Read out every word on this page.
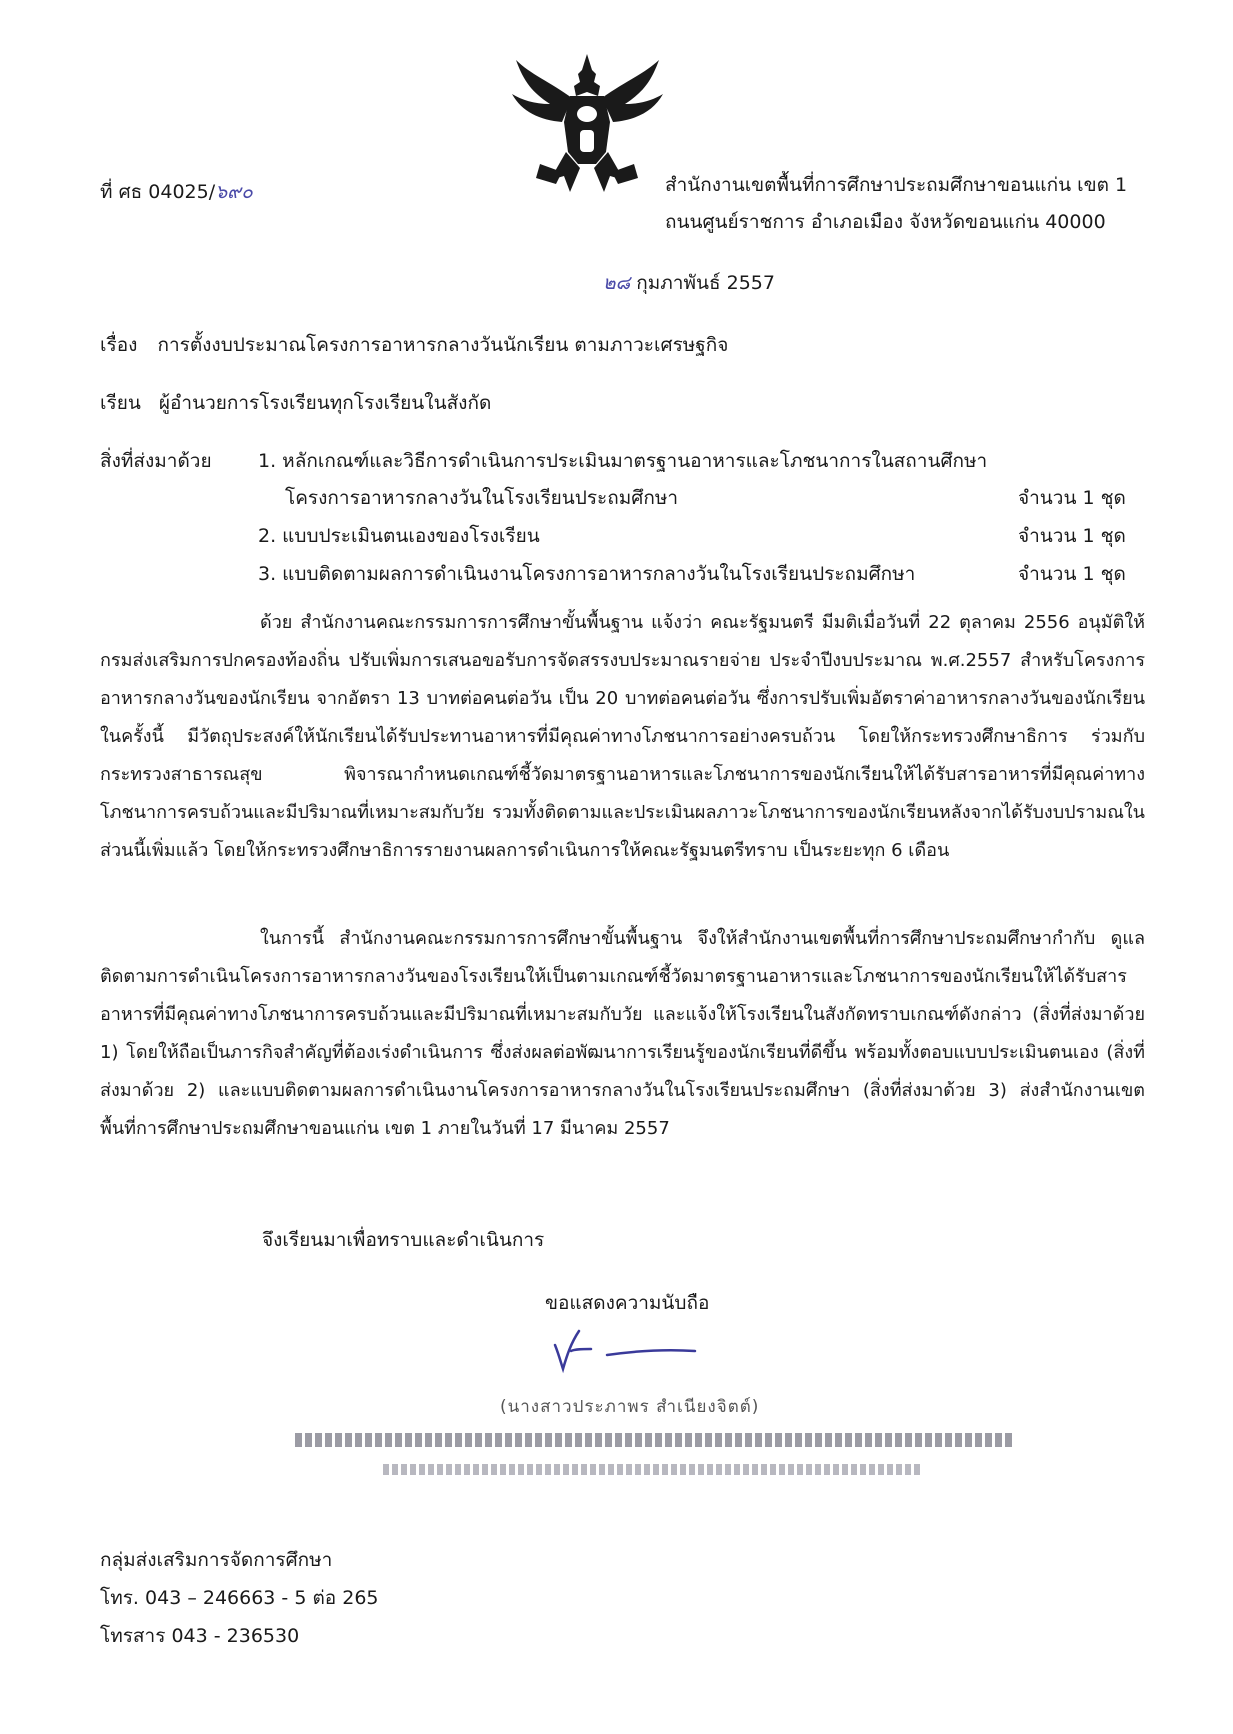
ที่ ศธ 04025/๖๙๐	สำนักงานเขตพื้นที่การศึกษาประถมศึกษาขอนแก่น เขต 1
ถนนศูนย์ราชการ อำเภอเมือง จังหวัดขอนแก่น 40000
๒๘ กุมภาพันธ์ 2557
เรื่อง การตั้งงบประมาณโครงการอาหารกลางวันนักเรียน ตามภาวะเศรษฐกิจ
เรียน ผู้อำนวยการโรงเรียนทุกโรงเรียนในสังกัด
สิ่งที่ส่งมาด้วย 1. หลักเกณฑ์และวิธีการดำเนินการประเมินมาตรฐานอาหารและโภชนาการในสถานศึกษา
โครงการอาหารกลางวันในโรงเรียนประถมศึกษา	จำนวน 1 ชุด
2. แบบประเมินตนเองของโรงเรียน	จำนวน 1 ชุด
3. แบบติดตามผลการดำเนินงานโครงการอาหารกลางวันในโรงเรียนประถมศึกษา	จำนวน 1 ชุด

ด้วย สำนักงานคณะกรรมการการศึกษาขั้นพื้นฐาน แจ้งว่า คณะรัฐมนตรี มีมติเมื่อวันที่ 22 ตุลาคม 2556 อนุมัติให้กรมส่งเสริมการปกครองท้องถิ่น ปรับเพิ่มการเสนอขอรับการจัดสรรงบประมาณรายจ่าย ประจำปีงบประมาณ พ.ศ.2557 สำหรับโครงการอาหารกลางวันของนักเรียน จากอัตรา 13 บาทต่อคนต่อวัน เป็น 20 บาทต่อคนต่อวัน ซึ่งการปรับเพิ่มอัตราค่าอาหารกลางวันของนักเรียนในครั้งนี้ มีวัตถุประสงค์ให้นักเรียนได้รับประทานอาหารที่มีคุณค่าทางโภชนาการอย่างครบถ้วน โดยให้กระทรวงศึกษาธิการ ร่วมกับ กระทรวงสาธารณสุข พิจารณากำหนดเกณฑ์ชี้วัดมาตรฐานอาหารและโภชนาการของนักเรียนให้ได้รับสารอาหารที่มีคุณค่าทางโภชนาการครบถ้วนและมีปริมาณที่เหมาะสมกับวัย รวมทั้งติดตามและประเมินผลภาวะโภชนาการของนักเรียนหลังจากได้รับงบปรามณในส่วนนี้เพิ่มแล้ว โดยให้กระทรวงศึกษาธิการรายงานผลการดำเนินการให้คณะรัฐมนตรีทราบ เป็นระยะทุก 6 เดือน

ในการนี้ สำนักงานคณะกรรมการการศึกษาขั้นพื้นฐาน จึงให้สำนักงานเขตพื้นที่การศึกษาประถมศึกษากำกับ ดูแล ติดตามการดำเนินโครงการอาหารกลางวันของโรงเรียนให้เป็นตามเกณฑ์ชี้วัดมาตรฐานอาหารและโภชนาการของนักเรียนให้ได้รับสารอาหารที่มีคุณค่าทางโภชนาการครบถ้วนและมีปริมาณที่เหมาะสมกับวัย และแจ้งให้โรงเรียนในสังกัดทราบเกณฑ์ดังกล่าว (สิ่งที่ส่งมาด้วย 1) โดยให้ถือเป็นภารกิจสำคัญที่ต้องเร่งดำเนินการ ซึ่งส่งผลต่อพัฒนาการเรียนรู้ของนักเรียนที่ดีขึ้น พร้อมทั้งตอบแบบประเมินตนเอง (สิ่งที่ส่งมาด้วย 2) และแบบติดตามผลการดำเนินงานโครงการอาหารกลางวันในโรงเรียนประถมศึกษา (สิ่งที่ส่งมาด้วย 3) ส่งสำนักงานเขตพื้นที่การศึกษาประถมศึกษาขอนแก่น เขต 1 ภายในวันที่ 17 มีนาคม 2557

จึงเรียนมาเพื่อทราบและดำเนินการ
ขอแสดงความนับถือ
(นางสาวประภาพร สำเนียงจิตต์)
กลุ่มส่งเสริมการจัดการศึกษา
โทร. 043 – 246663 - 5 ต่อ 265
โทรสาร 043 - 236530
